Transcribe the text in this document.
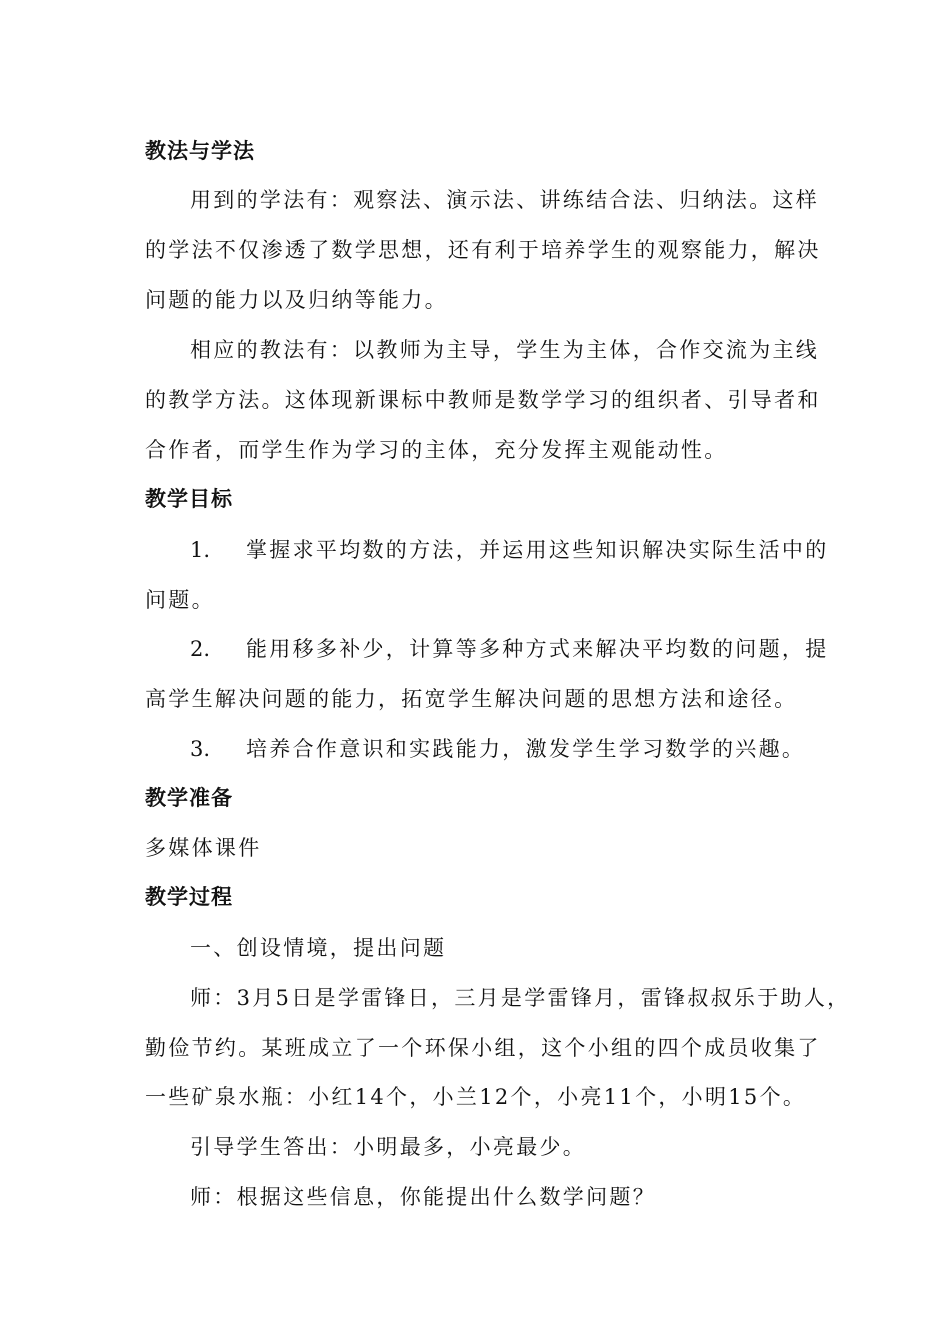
教法与学法
用到的学法有：观察法、演示法、讲练结合法、归纳法。这样
的学法不仅渗透了数学思想，还有利于培养学生的观察能力，解决
问题的能力以及归纳等能力。
相应的教法有：以教师为主导，学生为主体，合作交流为主线
的教学方法。这体现新课标中教师是数学学习的组织者、引导者和
合作者，而学生作为学习的主体，充分发挥主观能动性。
教学目标
1. 掌握求平均数的方法，并运用这些知识解决实际生活中的
问题。
2. 能用移多补少，计算等多种方式来解决平均数的问题，提
高学生解决问题的能力，拓宽学生解决问题的思想方法和途径。
3. 培养合作意识和实践能力，激发学生学习数学的兴趣。
教学准备
多媒体课件
教学过程
一、创设情境，提出问题
师：3月5日是学雷锋日，三月是学雷锋月，雷锋叔叔乐于助人，
勤俭节约。某班成立了一个环保小组，这个小组的四个成员收集了
一些矿泉水瓶：小红14个，小兰12个，小亮11个，小明15个。
引导学生答出：小明最多，小亮最少。
师：根据这些信息，你能提出什么数学问题？
